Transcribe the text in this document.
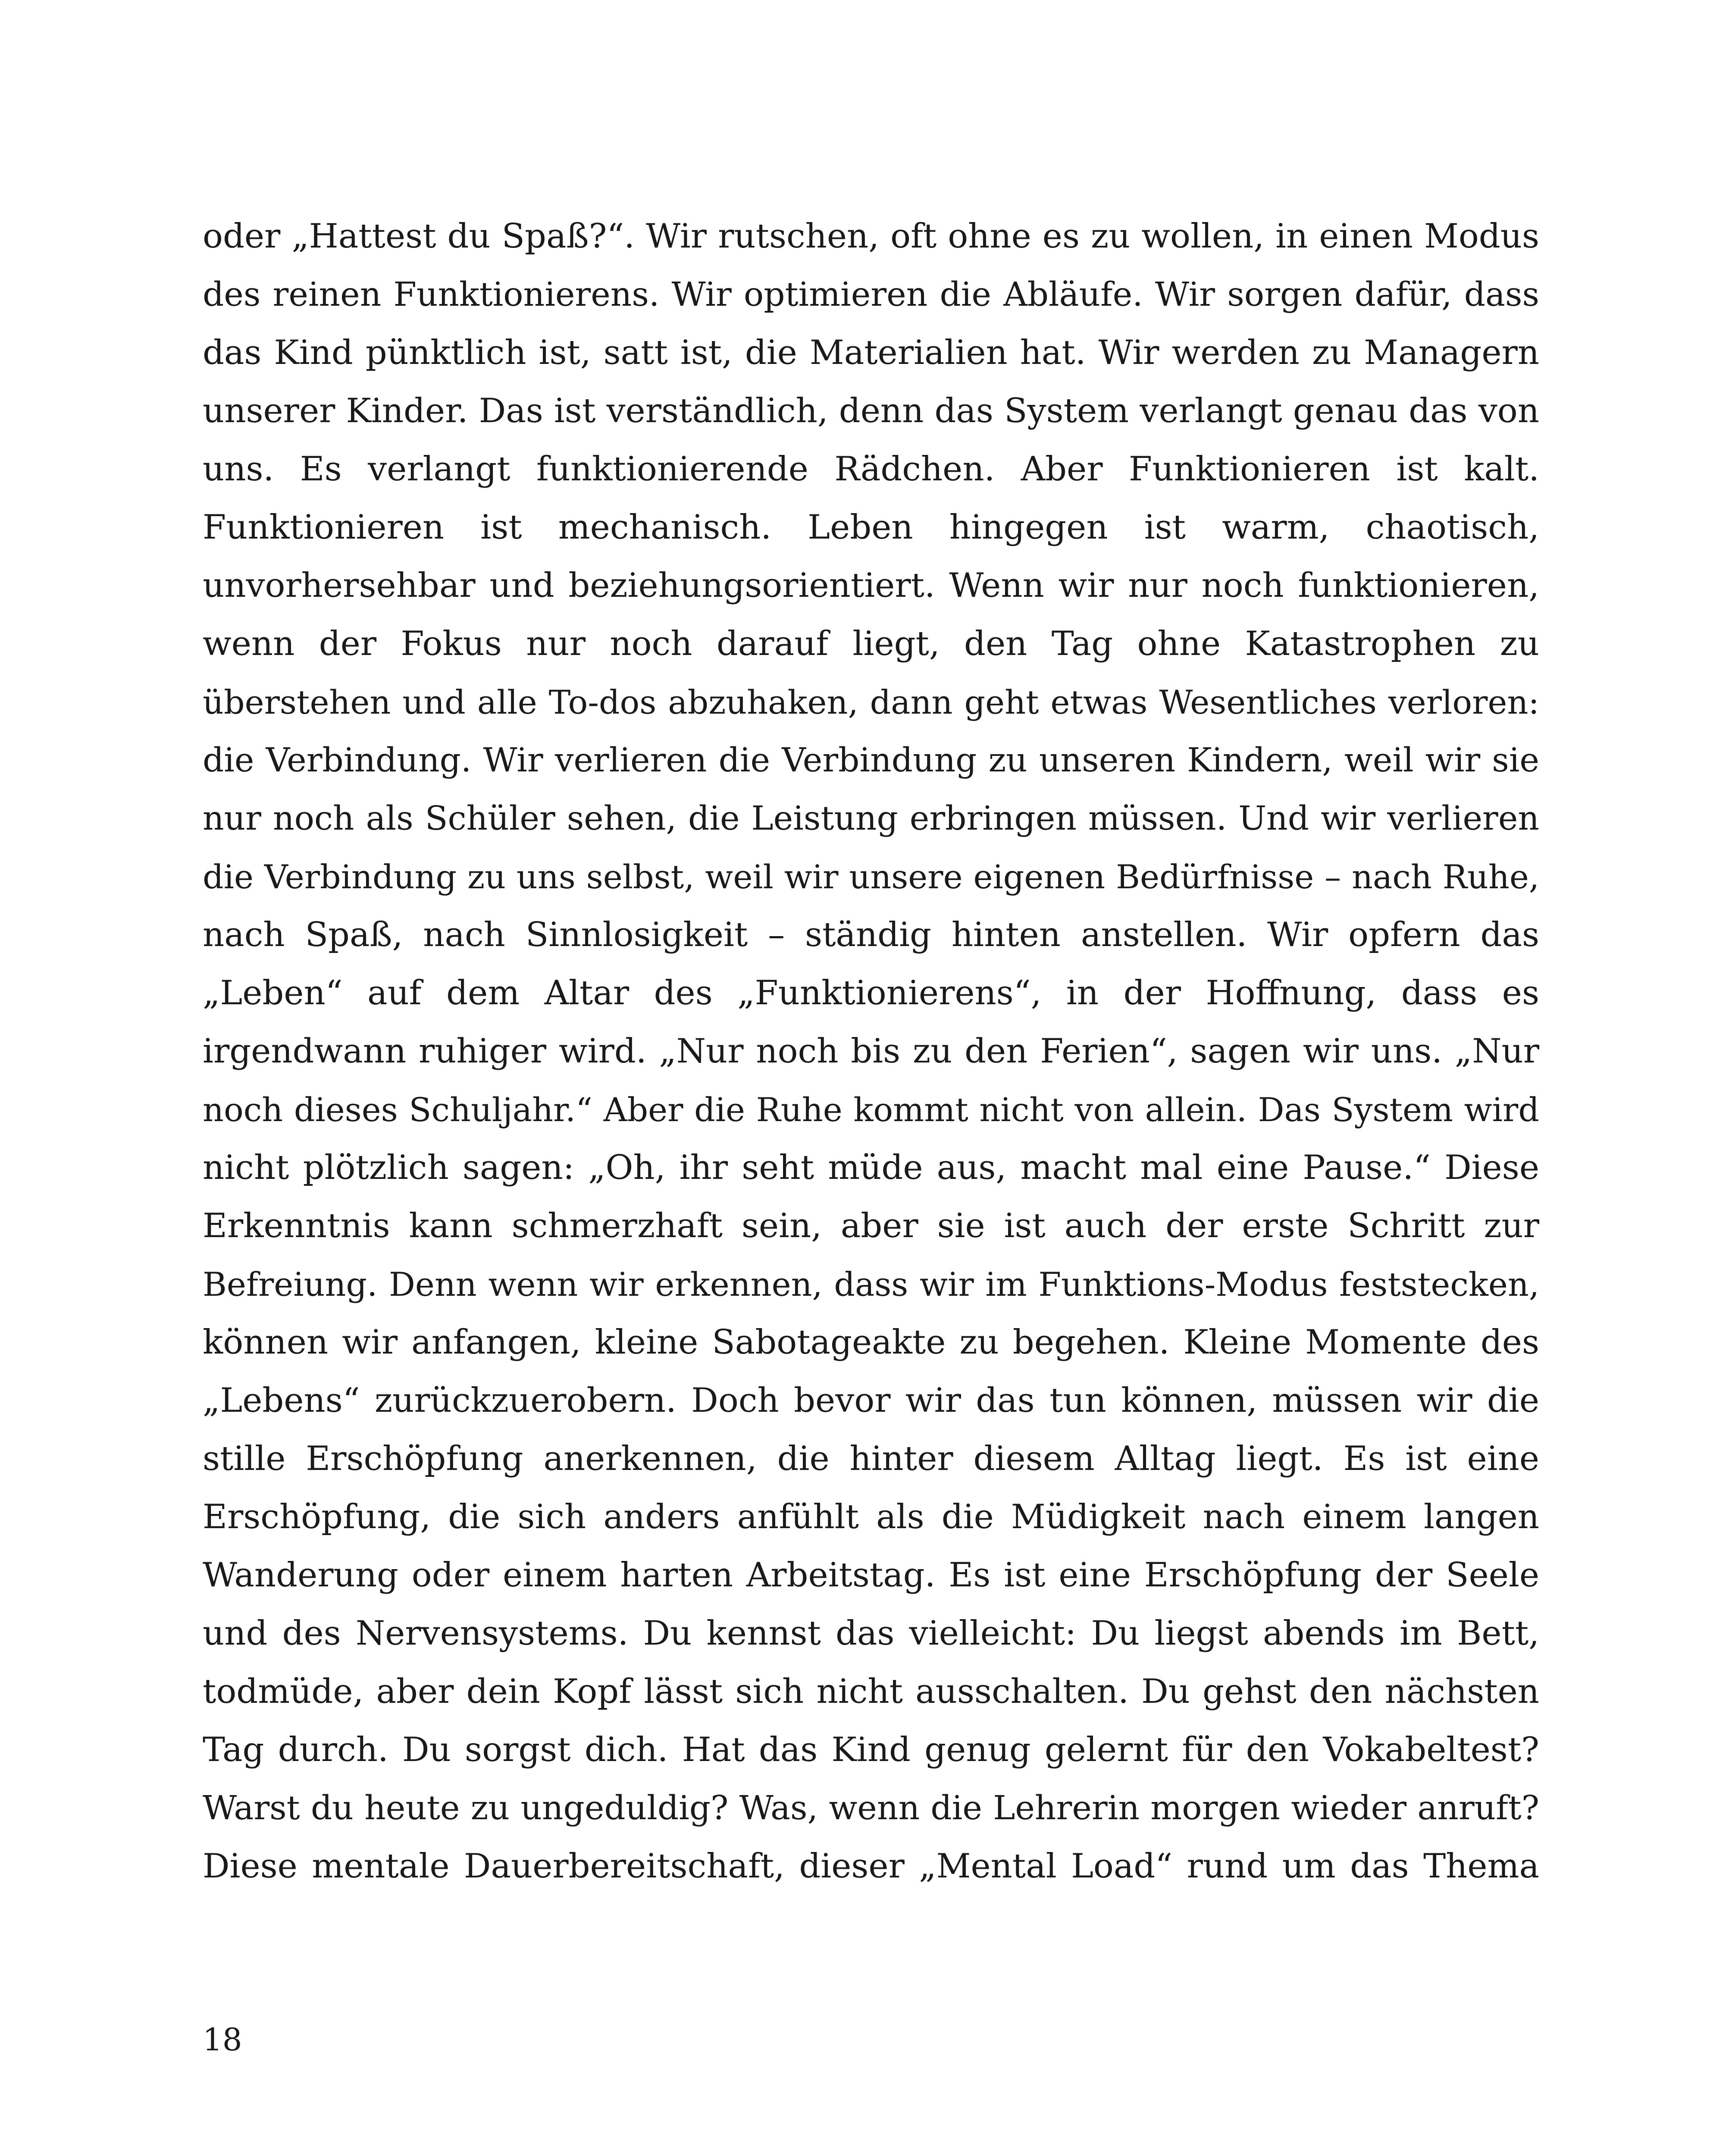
oder „Hattest du Spaß?“. Wir rutschen, oft ohne es zu wollen, in einen Modus
des reinen Funktionierens. Wir optimieren die Abläufe. Wir sorgen dafür, dass
das Kind pünktlich ist, satt ist, die Materialien hat. Wir werden zu Managern
unserer Kinder. Das ist verständlich, denn das System verlangt genau das von
uns. Es verlangt funktionierende Rädchen. Aber Funktionieren ist kalt.
Funktionieren ist mechanisch. Leben hingegen ist warm, chaotisch,
unvorhersehbar und beziehungsorientiert. Wenn wir nur noch funktionieren,
wenn der Fokus nur noch darauf liegt, den Tag ohne Katastrophen zu
überstehen und alle To-dos abzuhaken, dann geht etwas Wesentliches verloren:
die Verbindung. Wir verlieren die Verbindung zu unseren Kindern, weil wir sie
nur noch als Schüler sehen, die Leistung erbringen müssen. Und wir verlieren
die Verbindung zu uns selbst, weil wir unsere eigenen Bedürfnisse – nach Ruhe,
nach Spaß, nach Sinnlosigkeit – ständig hinten anstellen. Wir opfern das
„Leben“ auf dem Altar des „Funktionierens“, in der Hoffnung, dass es
irgendwann ruhiger wird. „Nur noch bis zu den Ferien“, sagen wir uns. „Nur
noch dieses Schuljahr.“ Aber die Ruhe kommt nicht von allein. Das System wird
nicht plötzlich sagen: „Oh, ihr seht müde aus, macht mal eine Pause.“ Diese
Erkenntnis kann schmerzhaft sein, aber sie ist auch der erste Schritt zur
Befreiung. Denn wenn wir erkennen, dass wir im Funktions-Modus feststecken,
können wir anfangen, kleine Sabotageakte zu begehen. Kleine Momente des
„Lebens“ zurückzuerobern. Doch bevor wir das tun können, müssen wir die
stille Erschöpfung anerkennen, die hinter diesem Alltag liegt. Es ist eine
Erschöpfung, die sich anders anfühlt als die Müdigkeit nach einem langen
Wanderung oder einem harten Arbeitstag. Es ist eine Erschöpfung der Seele
und des Nervensystems. Du kennst das vielleicht: Du liegst abends im Bett,
todmüde, aber dein Kopf lässt sich nicht ausschalten. Du gehst den nächsten
Tag durch. Du sorgst dich. Hat das Kind genug gelernt für den Vokabeltest?
Warst du heute zu ungeduldig? Was, wenn die Lehrerin morgen wieder anruft?
Diese mentale Dauerbereitschaft, dieser „Mental Load“ rund um das Thema
18
